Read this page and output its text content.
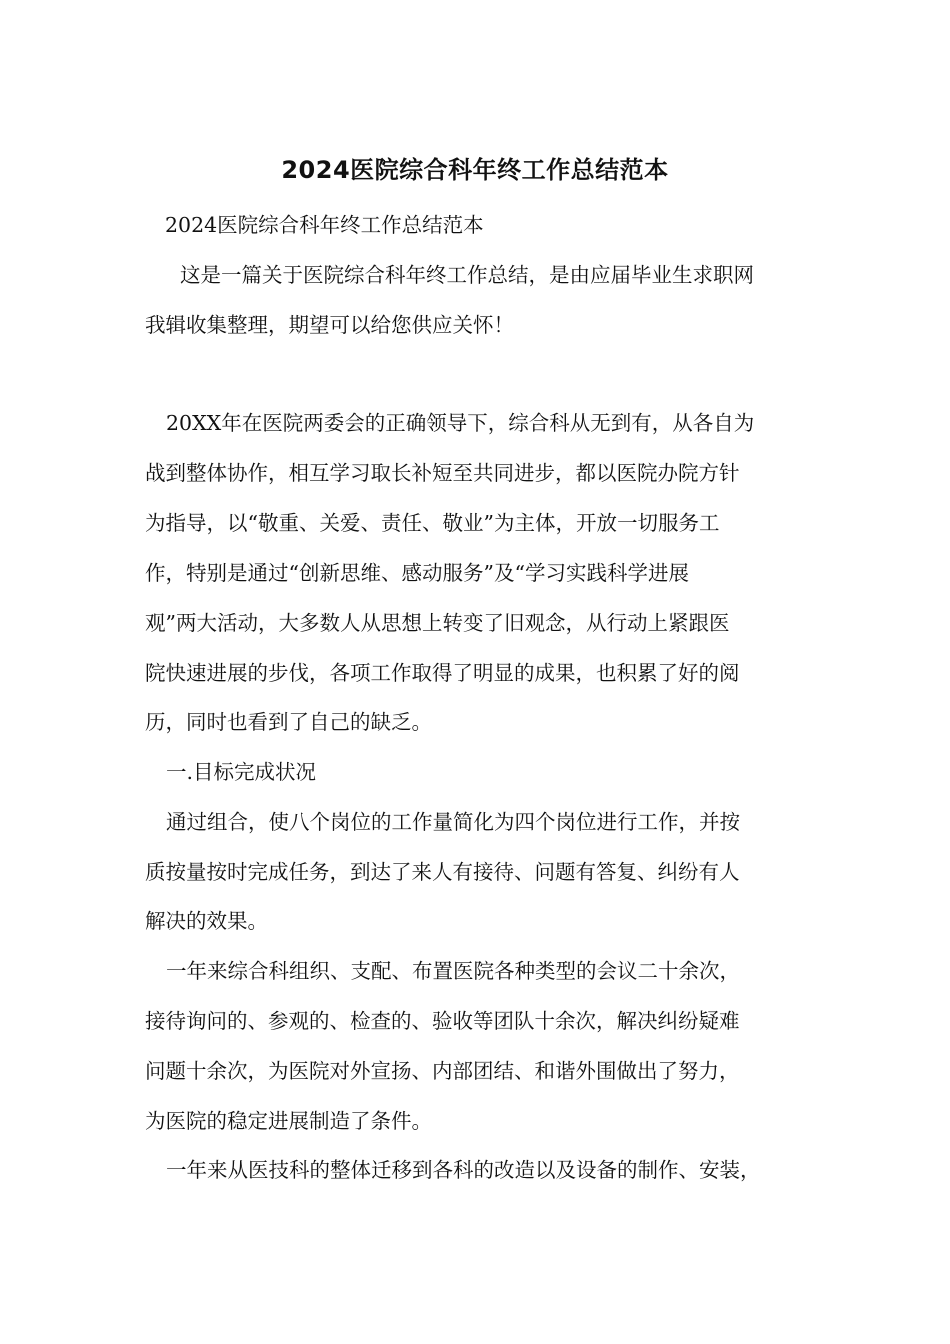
2024医院综合科年终工作总结范本

2024医院综合科年终工作总结范本

这是一篇关于医院综合科年终工作总结，是由应届毕业生求职网

我辑收集整理，期望可以给您供应关怀！

20XX年在医院两委会的正确领导下，综合科从无到有，从各自为

战到整体协作，相互学习取长补短至共同进步，都以医院办院方针

为指导，以“敬重、关爱、责任、敬业”为主体，开放一切服务工

作，特别是通过“创新思维、感动服务”及“学习实践科学进展

观”两大活动，大多数人从思想上转变了旧观念，从行动上紧跟医

院快速进展的步伐，各项工作取得了明显的成果，也积累了好的阅

历，同时也看到了自己的缺乏。

一.目标完成状况

通过组合，使八个岗位的工作量简化为四个岗位进行工作，并按

质按量按时完成任务，到达了来人有接待、问题有答复、纠纷有人

解决的效果。

一年来综合科组织、支配、布置医院各种类型的会议二十余次，

接待询问的、参观的、检查的、验收等团队十余次，解决纠纷疑难

问题十余次，为医院对外宣扬、内部团结、和谐外围做出了努力，

为医院的稳定进展制造了条件。

一年来从医技科的整体迁移到各科的改造以及设备的制作、安装，
